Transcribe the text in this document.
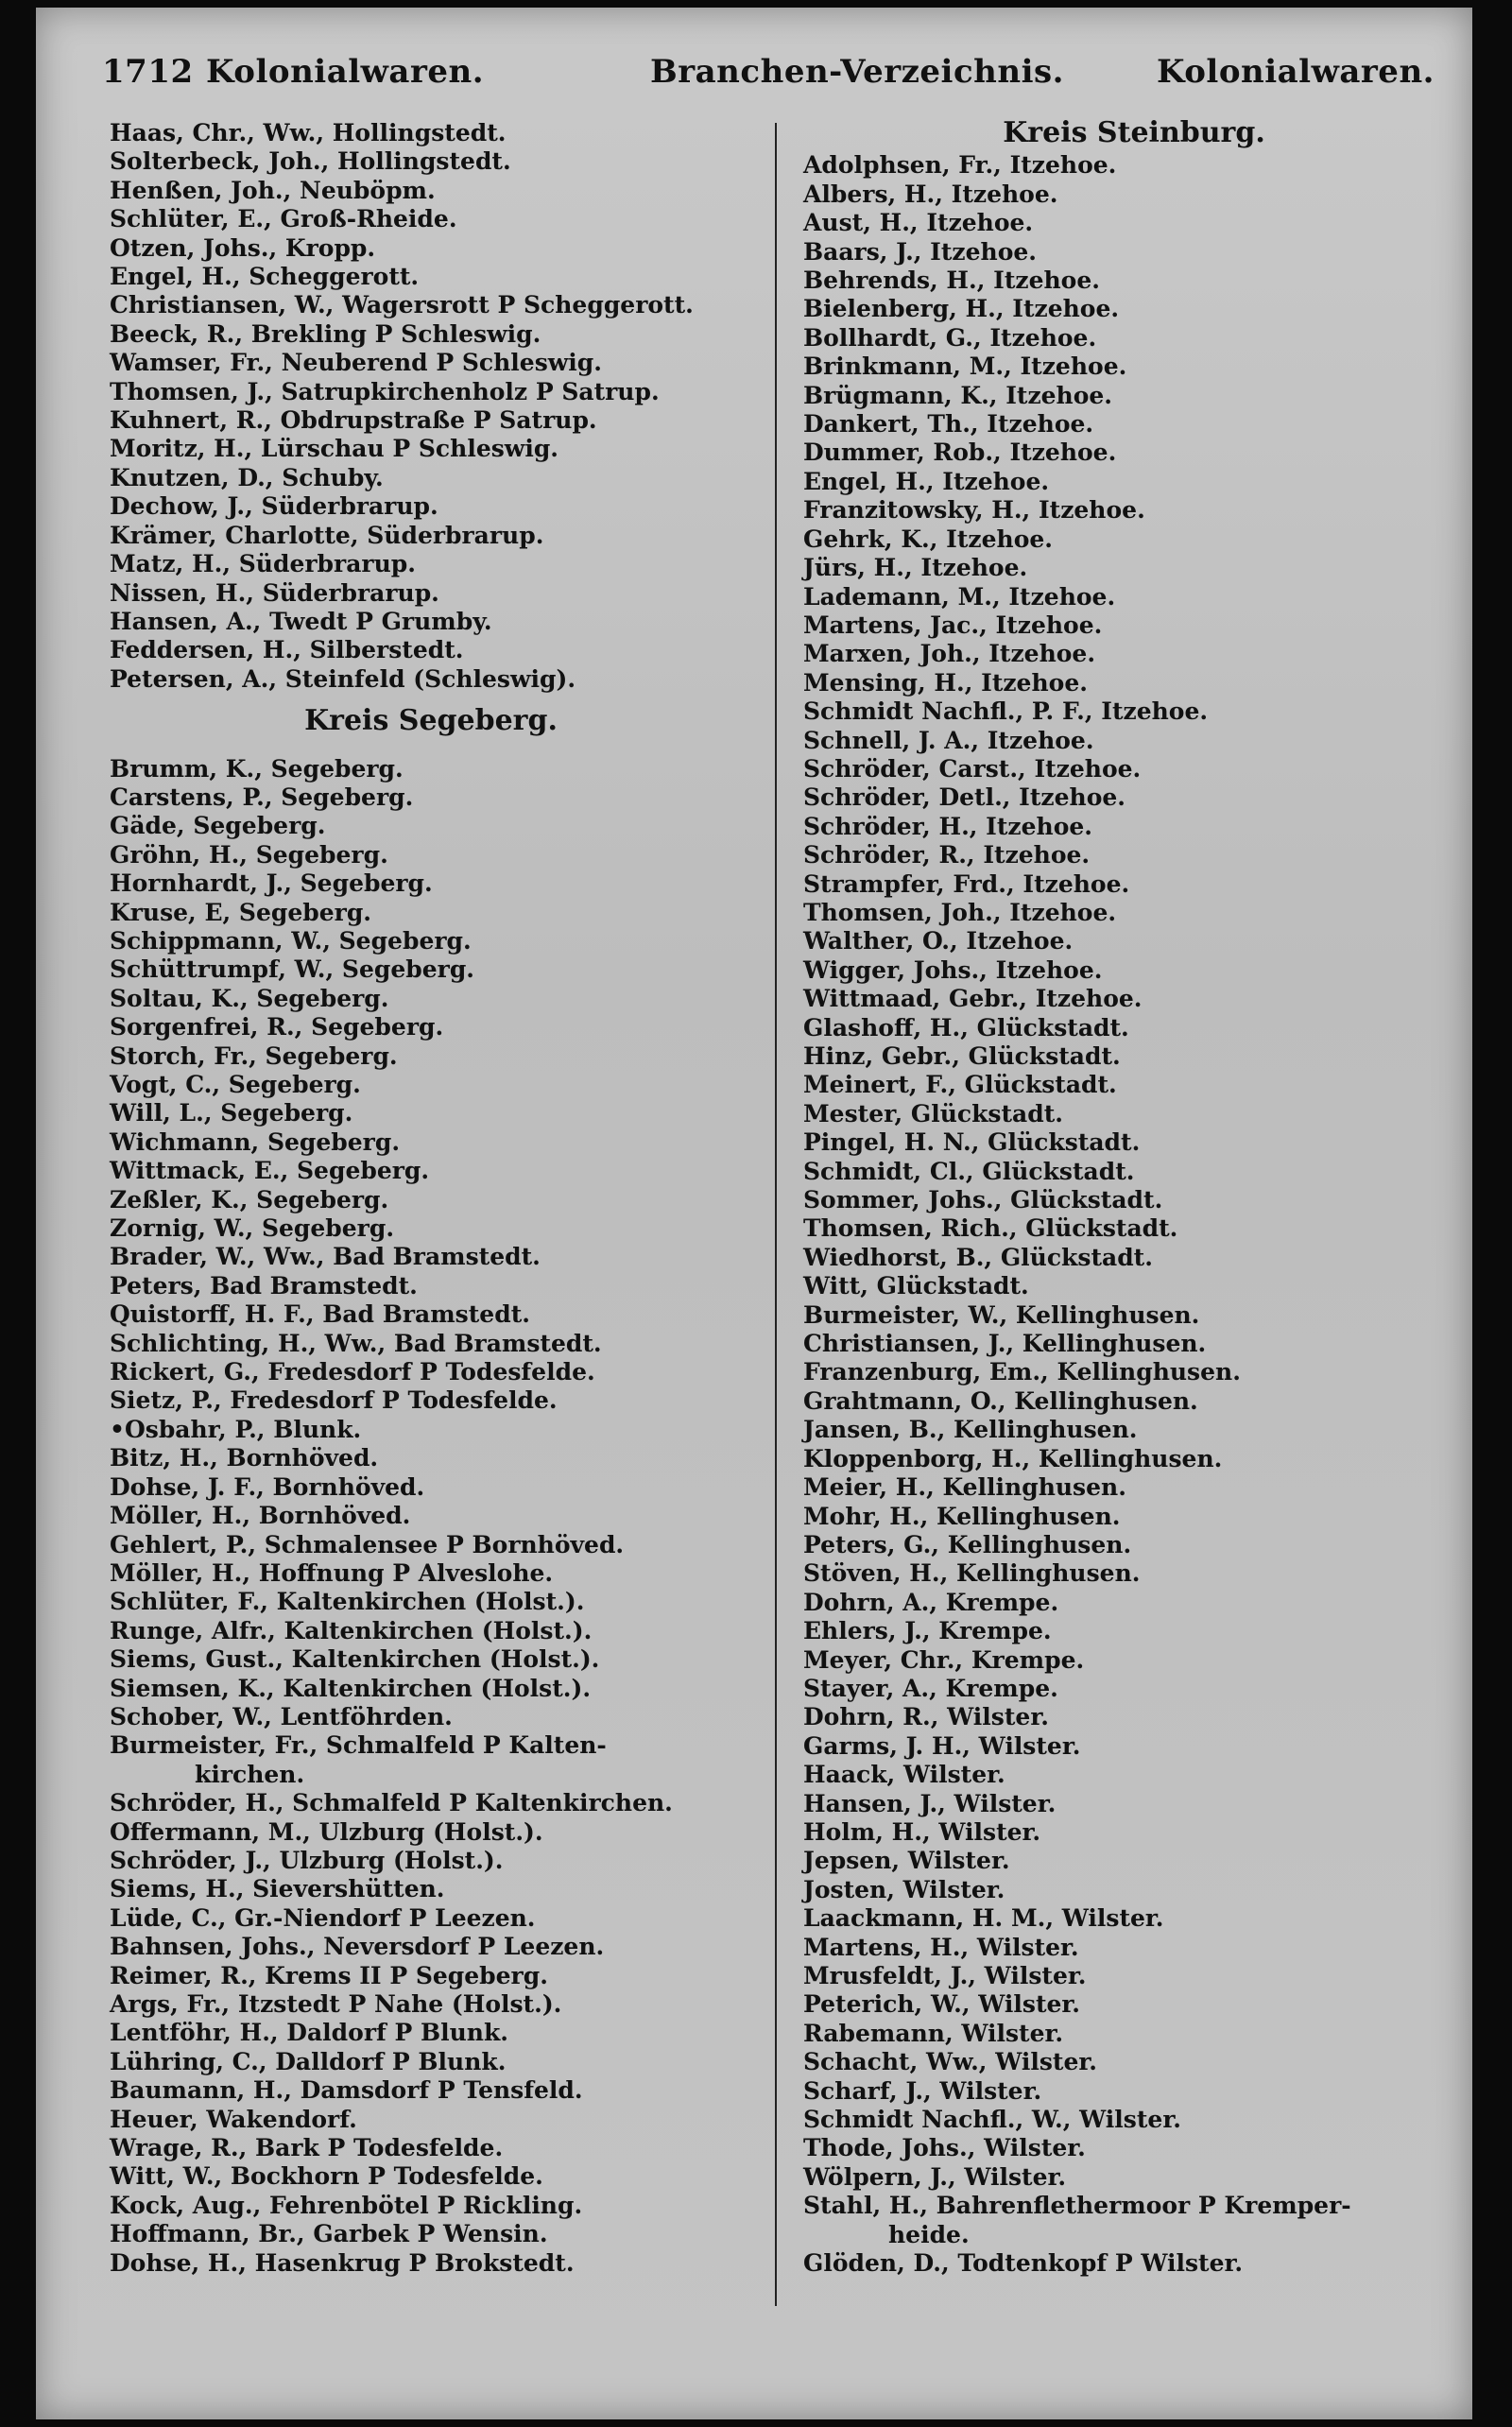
1712 Kolonialwaren.	Branchen-Verzeichnis.	Kolonialwaren.
Haas, Chr., Ww., Hollingstedt.
Solterbeck, Joh., Hollingstedt.
Henßen, Joh., Neuböрm.
Schlüter, E., Groß-Rheide.
Otzen, Johs., Kropp.
Engel, H., Scheggerott.
Christiansen, W., Wagersrott P Scheggerott.
Beeck, R., Brekling P Schleswig.
Wamser, Fr., Neuberend P Schleswig.
Thomsen, J., Satrupkirchenholz P Satrup.
Kuhnert, R., Obdrupstraße P Satrup.
Moritz, H., Lürschau P Schleswig.
Knutzen, D., Schuby.
Dechow, J., Süderbrarup.
Krämer, Charlotte, Süderbrarup.
Matz, H., Süderbrarup.
Nissen, H., Süderbrarup.
Hansen, A., Twedt P Grumby.
Feddersen, H., Silberstedt.
Petersen, A., Steinfeld (Schleswig).
Kreis Segeberg.
Brumm, K., Segeberg.
Carstens, P., Segeberg.
Gäde, Segeberg.
Gröhn, H., Segeberg.
Hornhardt, J., Segeberg.
Kruse, E, Segeberg.
Schippmann, W., Segeberg.
Schüttrumpf, W., Segeberg.
Soltau, K., Segeberg.
Sorgenfrei, R., Segeberg.
Storch, Fr., Segeberg.
Vogt, C., Segeberg.
Will, L., Segeberg.
Wichmann, Segeberg.
Wittmack, E., Segeberg.
Zeßler, K., Segeberg.
Zornig, W., Segeberg.
Brader, W., Ww., Bad Bramstedt.
Peters, Bad Bramstedt.
Quistorff, H. F., Bad Bramstedt.
Schlichting, H., Ww., Bad Bramstedt.
Rickert, G., Fredesdorf P Todesfelde.
Sietz, P., Fredesdorf P Todesfelde.
•Osbahr, P., Blunk.
Bitz, H., Bornhöved.
Dohse, J. F., Bornhöved.
Möller, H., Bornhöved.
Gehlert, P., Schmalensee P Bornhöved.
Möller, H., Hoffnung P Alveslohe.
Schlüter, F., Kaltenkirchen (Holst.).
Runge, Alfr., Kaltenkirchen (Holst.).
Siems, Gust., Kaltenkirchen (Holst.).
Siemsen, K., Kaltenkirchen (Holst.).
Schober, W., Lentföhrden.
Burmeister, Fr., Schmalfeld P Kalten-
kirchen.
Schröder, H., Schmalfeld P Kaltenkirchen.
Offermann, M., Ulzburg (Holst.).
Schröder, J., Ulzburg (Holst.).
Siems, H., Sievershütten.
Lüde, C., Gr.-Niendorf P Leezen.
Bahnsen, Johs., Neversdorf P Leezen.
Reimer, R., Krems II P Segeberg.
Args, Fr., Itzstedt P Nahe (Holst.).
Lentföhr, H., Daldorf P Blunk.
Lühring, C., Dalldorf P Blunk.
Baumann, H., Damsdorf P Tensfeld.
Heuer, Wakendorf.
Wrage, R., Bark P Todesfelde.
Witt, W., Bockhorn P Todesfelde.
Kock, Aug., Fehrenbötel P Rickling.
Hoffmann, Br., Garbek P Wensin.
Dohse, H., Hasenkrug P Brokstedt.
Kreis Steinburg.
Adolphsen, Fr., Itzehoe.
Albers, H., Itzehoe.
Aust, H., Itzehoe.
Baars, J., Itzehoe.
Behrends, H., Itzehoe.
Bielenberg, H., Itzehoe.
Bollhardt, G., Itzehoe.
Brinkmann, M., Itzehoe.
Brügmann, K., Itzehoe.
Dankert, Th., Itzehoe.
Dummer, Rob., Itzehoe.
Engel, H., Itzehoe.
Franzitowsky, H., Itzehoe.
Gehrk, K., Itzehoe.
Jürs, H., Itzehoe.
Lademann, M., Itzehoe.
Martens, Jac., Itzehoe.
Marxen, Joh., Itzehoe.
Mensing, H., Itzehoe.
Schmidt Nachfl., P. F., Itzehoe.
Schnell, J. A., Itzehoe.
Schröder, Carst., Itzehoe.
Schröder, Detl., Itzehoe.
Schröder, H., Itzehoe.
Schröder, R., Itzehoe.
Strampfer, Frd., Itzehoe.
Thomsen, Joh., Itzehoe.
Walther, O., Itzehoe.
Wigger, Johs., Itzehoe.
Wittmaad, Gebr., Itzehoe.
Glashoff, H., Glückstadt.
Hinz, Gebr., Glückstadt.
Meinert, F., Glückstadt.
Mester, Glückstadt.
Pingel, H. N., Glückstadt.
Schmidt, Cl., Glückstadt.
Sommer, Johs., Glückstadt.
Thomsen, Rich., Glückstadt.
Wiedhorst, B., Glückstadt.
Witt, Glückstadt.
Burmeister, W., Kellinghusen.
Christiansen, J., Kellinghusen.
Franzenburg, Em., Kellinghusen.
Grahtmann, O., Kellinghusen.
Jansen, B., Kellinghusen.
Kloppenborg, H., Kellinghusen.
Meier, H., Kellinghusen.
Mohr, H., Kellinghusen.
Peters, G., Kellinghusen.
Stöven, H., Kellinghusen.
Dohrn, A., Krempe.
Ehlers, J., Krempe.
Meyer, Chr., Krempe.
Stayer, A., Krempe.
Dohrn, R., Wilster.
Garms, J. H., Wilster.
Haack, Wilster.
Hansen, J., Wilster.
Holm, H., Wilster.
Jepsen, Wilster.
Josten, Wilster.
Laackmann, H. M., Wilster.
Martens, H., Wilster.
Mrusfeldt, J., Wilster.
Peterich, W., Wilster.
Rabemann, Wilster.
Schacht, Ww., Wilster.
Scharf, J., Wilster.
Schmidt Nachfl., W., Wilster.
Thode, Johs., Wilster.
Wölpern, J., Wilster.
Stahl, H., Bahrenflethermoor P Kremper-
heide.
Glöden, D., Todtenkopf P Wilster.
